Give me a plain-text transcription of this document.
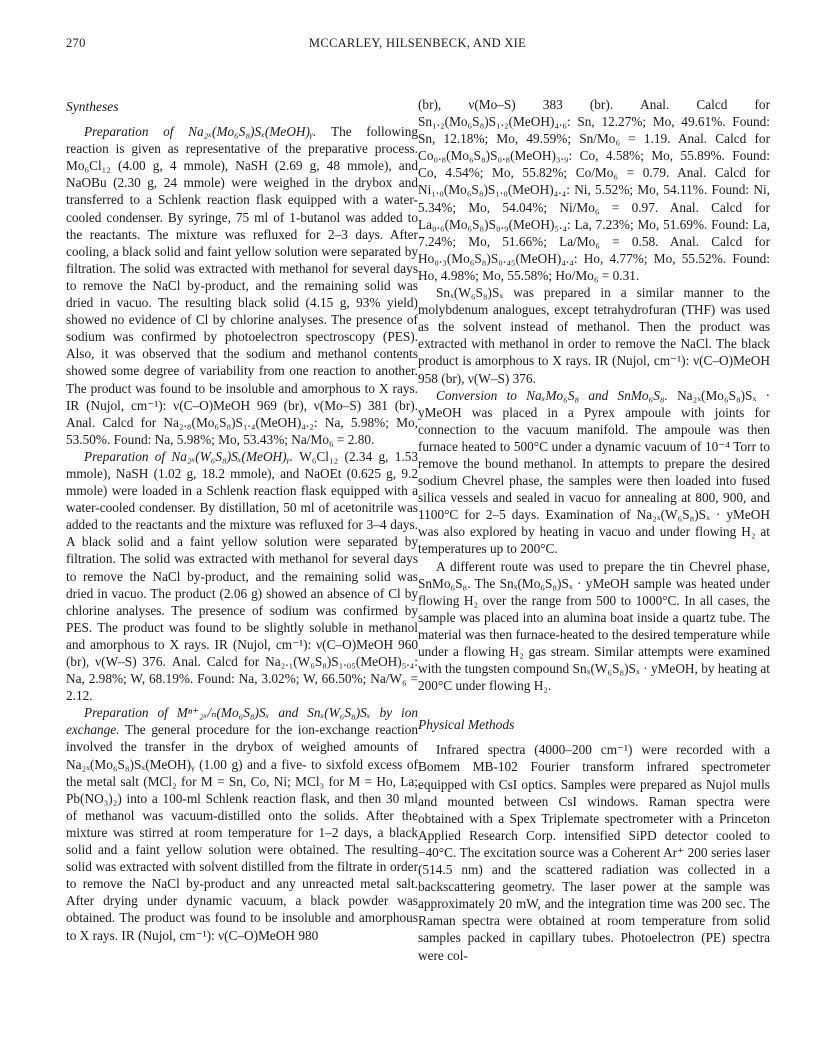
270	MCCARLEY, HILSENBECK, AND XIE

Syntheses

Preparation of Na₂ₓ(Mo₆S₈)Sₓ(MeOH)ᵧ. The following reaction is given as representative of the preparative process. Mo₆Cl₁₂ (4.00 g, 4 mmole), NaSH (2.69 g, 48 mmole), and NaOBu (2.30 g, 24 mmole) were weighed in the drybox and transferred to a Schlenk reaction flask equipped with a water-cooled condenser. By syringe, 75 ml of 1-butanol was added to the reactants. The mixture was refluxed for 2–3 days. After cooling, a black solid and faint yellow solution were separated by filtration. The solid was extracted with methanol for several days to remove the NaCl by-product, and the remaining solid was dried in vacuo. The resulting black solid (4.15 g, 93% yield) showed no evidence of Cl by chlorine analyses. The presence of sodium was confirmed by photoelectron spectroscopy (PES). Also, it was observed that the sodium and methanol contents showed some degree of variability from one reaction to another. The product was found to be insoluble and amorphous to X rays. IR (Nujol, cm⁻¹): ν(C–O)MeOH 969 (br), ν(Mo–S) 381 (br). Anal. Calcd for Na₂.₈(Mo₆S₈)S₁.₄(MeOH)₄.₂: Na, 5.98%; Mo, 53.50%. Found: Na, 5.98%; Mo, 53.43%; Na/Mo₆ = 2.80.

Preparation of Na₂ₓ(W₆S₈)Sₓ(MeOH)ᵧ. W₆Cl₁₂ (2.34 g, 1.53 mmole), NaSH (1.02 g, 18.2 mmole), and NaOEt (0.625 g, 9.2 mmole) were loaded in a Schlenk reaction flask equipped with a water-cooled condenser. By distillation, 50 ml of acetonitrile was added to the reactants and the mixture was refluxed for 3–4 days. A black solid and a faint yellow solution were separated by filtration. The solid was extracted with methanol for several days to remove the NaCl by-product, and the remaining solid was dried in vacuo. The product (2.06 g) showed an absence of Cl by chlorine analyses. The presence of sodium was confirmed by PES. The product was found to be slightly soluble in methanol and amorphous to X rays. IR (Nujol, cm⁻¹): ν(C–O)MeOH 960 (br), ν(W–S) 376. Anal. Calcd for Na₂.₁(W₆S₈)S₁.₀₅(MeOH)₅.₄: Na, 2.98%; W, 68.19%. Found: Na, 3.02%; W, 66.50%; Na/W₆ = 2.12.

Preparation of Mⁿ⁺₂ₓ/ₙ(Mo₆S₈)Sₓ and Snₓ(W₆S₈)Sₓ by ion exchange. The general procedure for the ion-exchange reaction involved the transfer in the drybox of weighed amounts of Na₂ₓ(Mo₆S₈)Sₓ(MeOH)ᵧ (1.00 g) and a five- to sixfold excess of the metal salt (MCl₂ for M = Sn, Co, Ni; MCl₃ for M = Ho, La; Pb(NO₃)₂) into a 100-ml Schlenk reaction flask, and then 30 ml of methanol was vacuum-distilled onto the solids. After the mixture was stirred at room temperature for 1–2 days, a black solid and a faint yellow solution were obtained. The resulting solid was extracted with solvent distilled from the filtrate in order to remove the NaCl by-product and any unreacted metal salt. After drying under dynamic vacuum, a black powder was obtained. The product was found to be insoluble and amorphous to X rays. IR (Nujol, cm⁻¹): ν(C–O)MeOH 980

(br), ν(Mo–S) 383 (br). Anal. Calcd for Sn₁.₂(Mo₆S₈)S₁.₂(MeOH)₄.₆: Sn, 12.27%; Mo, 49.61%. Found: Sn, 12.18%; Mo, 49.59%; Sn/Mo₆ = 1.19. Anal. Calcd for Co₀.₈(Mo₆S₈)S₀.₈(MeOH)₃.₉: Co, 4.58%; Mo, 55.89%. Found: Co, 4.54%; Mo, 55.82%; Co/Mo₆ = 0.79. Anal. Calcd for Ni₁.₀(Mo₆S₈)S₁.₀(MeOH)₄.₄: Ni, 5.52%; Mo, 54.11%. Found: Ni, 5.34%; Mo, 54.04%; Ni/Mo₆ = 0.97. Anal. Calcd for La₀.₆(Mo₆S₈)S₀.₉(MeOH)₅.₄: La, 7.23%; Mo, 51.69%. Found: La, 7.24%; Mo, 51.66%; La/Mo₆ = 0.58. Anal. Calcd for Ho₀.₃(Mo₆S₈)S₀.₄₅(MeOH)₄.₄: Ho, 4.77%; Mo, 55.52%. Found: Ho, 4.98%; Mo, 55.58%; Ho/Mo₆ = 0.31.

Snₓ(W₆S₈)Sₓ was prepared in a similar manner to the molybdenum analogues, except tetrahydrofuran (THF) was used as the solvent instead of methanol. Then the product was extracted with methanol in order to remove the NaCl. The black product is amorphous to X rays. IR (Nujol, cm⁻¹): ν(C–O)MeOH 958 (br), ν(W–S) 376.

Conversion to NaₓMo₆S₈ and SnMo₆S₈. Na₂ₓ(Mo₆S₈)Sₓ · yMeOH was placed in a Pyrex ampoule with joints for connection to the vacuum manifold. The ampoule was then furnace heated to 500°C under a dynamic vacuum of 10⁻⁴ Torr to remove the bound methanol. In attempts to prepare the desired sodium Chevrel phase, the samples were then loaded into fused silica vessels and sealed in vacuo for annealing at 800, 900, and 1100°C for 2–5 days. Examination of Na₂ₓ(W₆S₈)Sₓ · yMeOH was also explored by heating in vacuo and under flowing H₂ at temperatures up to 200°C.

A different route was used to prepare the tin Chevrel phase, SnMo₆S₈. The Snₓ(Mo₆S₈)Sₓ · yMeOH sample was heated under flowing H₂ over the range from 500 to 1000°C. In all cases, the sample was placed into an alumina boat inside a quartz tube. The material was then furnace-heated to the desired temperature while under a flowing H₂ gas stream. Similar attempts were examined with the tungsten compound Snₓ(W₆S₈)Sₓ · yMeOH, by heating at 200°C under flowing H₂.

Physical Methods

Infrared spectra (4000–200 cm⁻¹) were recorded with a Bomem MB-102 Fourier transform infrared spectrometer equipped with CsI optics. Samples were prepared as Nujol mulls and mounted between CsI windows. Raman spectra were obtained with a Spex Triplemate spectrometer with a Princeton Applied Research Corp. intensified SiPD detector cooled to −40°C. The excitation source was a Coherent Ar⁺ 200 series laser (514.5 nm) and the scattered radiation was collected in a backscattering geometry. The laser power at the sample was approximately 20 mW, and the integration time was 200 sec. The Raman spectra were obtained at room temperature from solid samples packed in capillary tubes. Photoelectron (PE) spectra were col-
